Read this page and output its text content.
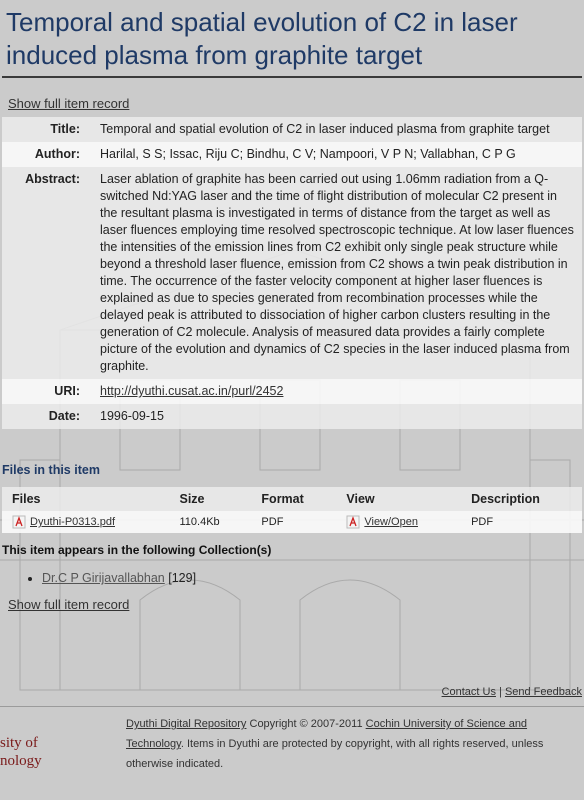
Temporal and spatial evolution of C2 in laser induced plasma from graphite target
Show full item record
Title:	Temporal and spatial evolution of C2 in laser induced plasma from graphite target
Author:	Harilal, S S; Issac, Riju C; Bindhu, C V; Nampoori, V P N; Vallabhan, C P G
Abstract:	Laser ablation of graphite has been carried out using 1.06mm radiation from a Q-switched Nd:YAG laser and the time of flight distribution of molecular C2 present in the resultant plasma is investigated in terms of distance from the target as well as laser fluences employing time resolved spectroscopic technique. At low laser fluences the intensities of the emission lines from C2 exhibit only single peak structure while beyond a threshold laser fluence, emission from C2 shows a twin peak distribution in time. The occurrence of the faster velocity component at higher laser fluences is explained as due to species generated from recombination processes while the delayed peak is attributed to dissociation of higher carbon clusters resulting in the generation of C2 molecule. Analysis of measured data provides a fairly complete picture of the evolution and dynamics of C2 species in the laser induced plasma from graphite.
URI:	http://dyuthi.cusat.ac.in/purl/2452
Date:	1996-09-15
Files in this item
Files	Size	Format	View	Description
Dyuthi-P0313.pdf	110.4Kb	PDF	View/Open	PDF
This item appears in the following Collection(s)
• Dr.C P Girijavallabhan [129]
Show full item record
Contact Us | Send Feedback
Dyuthi Digital Repository Copyright © 2007-2011 Cochin University of Science and Technology. Items in Dyuthi are protected by copyright, with all rights reserved, unless otherwise indicated.
sity of
nology
